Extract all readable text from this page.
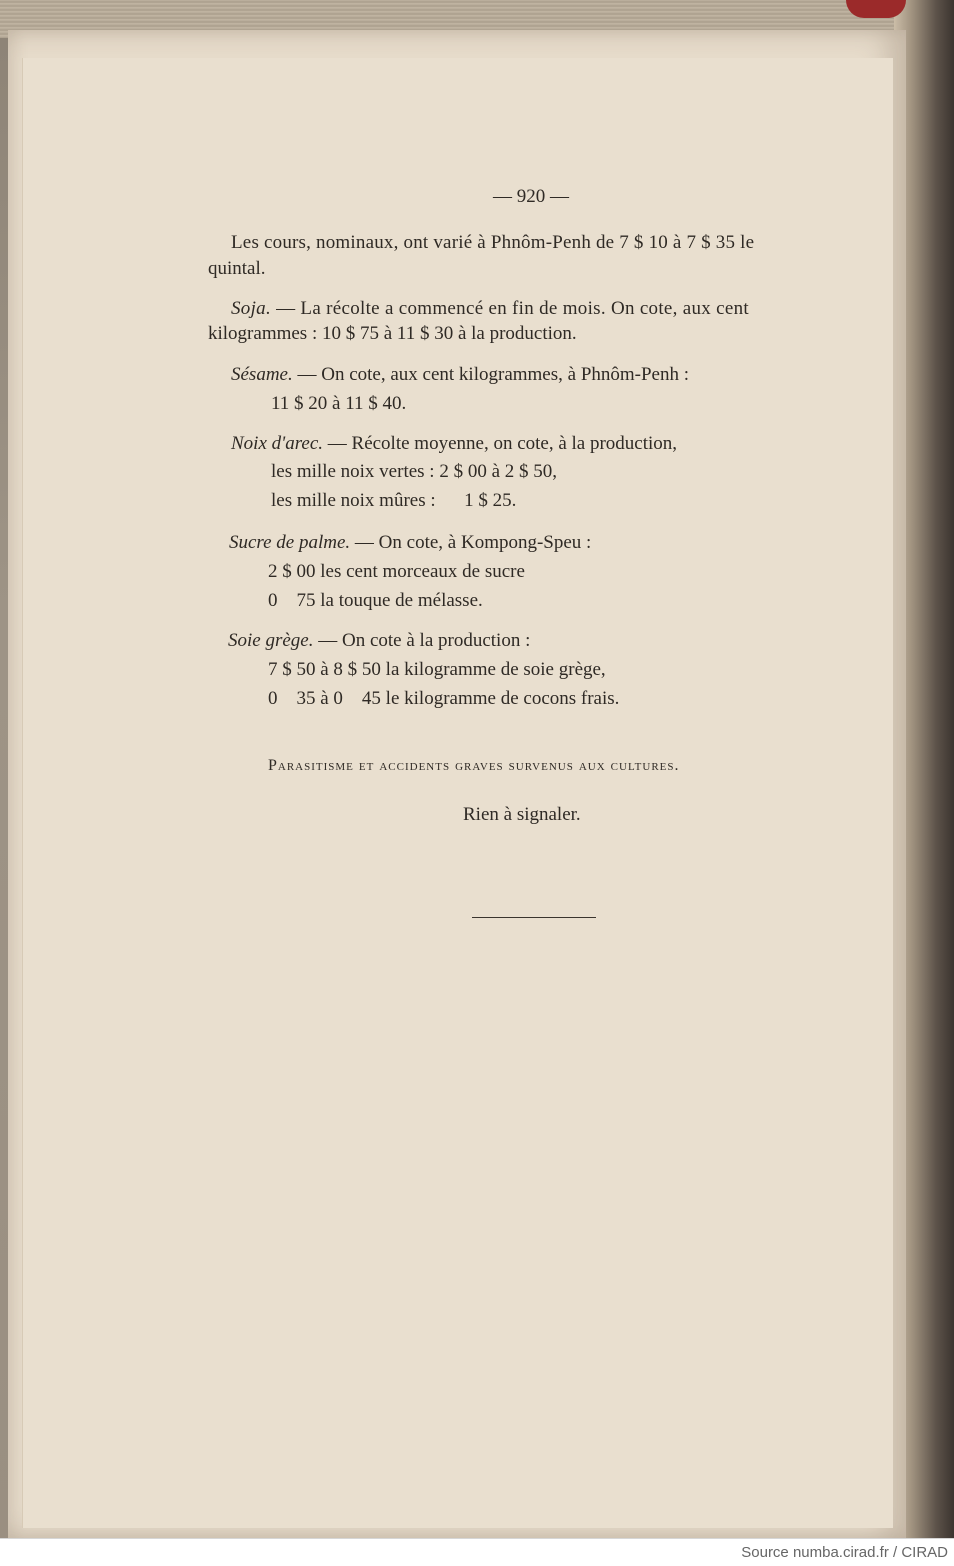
— 920 —
Les cours, nominaux, ont varié à Phnôm-Penh de 7 $ 10 à 7 $ 35 le
quintal.
Soja. — La récolte a commencé en fin de mois. On cote, aux cent
kilogrammes : 10 $ 75 à 11 $ 30 à la production.
Sésame. — On cote, aux cent kilogrammes, à Phnôm-Penh :
11 $ 20 à 11 $ 40.
Noix d'arec. — Récolte moyenne, on cote, à la production,
les mille noix vertes : 2 $ 00 à 2 $ 50,
les mille noix mûres :      1 $ 25.
Sucre de palme. — On cote, à Kompong-Speu :
2 $ 00 les cent morceaux de sucre
0    75 la touque de mélasse.
Soie grège. — On cote à la production :
7 $ 50 à 8 $ 50 la kilogramme de soie grège,
0    35 à 0    45 le kilogramme de cocons frais.
Parasitisme et accidents graves survenus aux cultures.
Rien à signaler.
Source numba.cirad.fr / CIRAD
